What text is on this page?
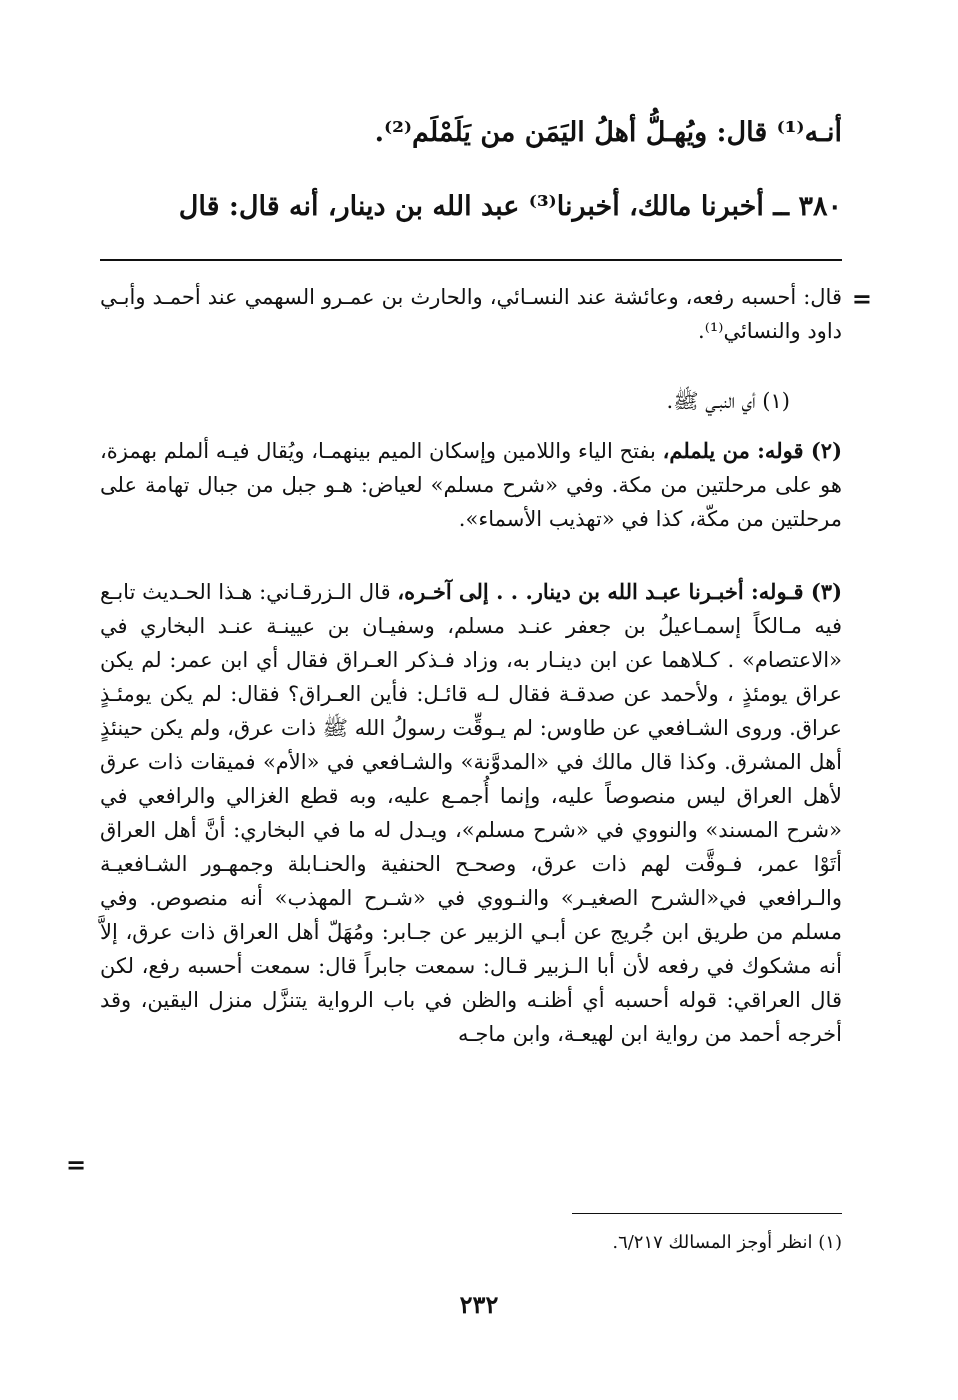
أنـه⁽¹⁾ قال: ويُهـلُّ أهلُ اليَمَن من يَلَمْلَم⁽²⁾.
٣٨٠ ــ أخبرنا مالك، أخبرنا⁽³⁾ عبد الله بن دينار، أنه قال: قال
=
قال: أحسبه رفعه، وعائشة عند النسـائي، والحارث بن عمـرو السهمي عند أحمـد وأبـي داود والنسائي⁽¹⁾.
(١) أي النبـي ﷺ.
(٢) قوله: من يلملم، بفتح الياء واللامين وإسكان الميم بينهمـا، ويُقال فيـه ألملم بهمزة، هو على مرحلتين من مكة. وفي «شرح مسلم» لعياض: هـو جبل من جبال تهامة على مرحلتين من مكّة، كذا في «تهذيب الأسماء».
(٣) قـوله: أخبـرنا عبـد الله بن دينار. . . إلى آخـره، قال الـزرقـاني: هـذا الحـديث تابـع فيه مـالكاً إسمـاعيلُ بن جعفر عنـد مسلم، وسفيـان بن عيينـة عنـد البخاري في «الاعتصام» . كـلاهما عن ابن دينـار به، وزاد فـذكر العـراق فقال أي ابن عمر: لم يكن عراق يومئذٍ ، ولأحمد عن صدقـة فقال لـه قائـل: فأين العـراق؟ فقال: لم يكن يومئـذٍ عراق. وروى الشـافعي عن طاوس: لم يـوقِّت رسولُ الله ﷺ ذات عرق، ولم يكن حينئذٍ أهل المشرق. وكذا قال مالك في «المدوَّنة» والشـافعي في «الأم» فميقات ذات عرق لأهل العراق ليس منصوصاً عليه، وإنما أُجمـع عليه، وبه قطع الغزالي والرافعي في «شرح المسند» والنووي في «شرح مسلم»، ويـدل له ما في البخاري: أنَّ أهل العراق أتَوْا عمر، فـوقَّت لهم ذات عرق، وصحـح الحنفية والحنـابلة وجمهـور الشـافعيـة والـرافعي في«الشرح الصغيـر» والنـووي في «شـرح المهذب» أنه منصوص. وفي مسلم من طريق ابن جُريج عن أبـي الزبير عن جـابر: ومُهَلّ أهل العراق ذات عرق، إلاَّ أنه مشكوك في رفعه لأن أبا الـزبير قـال: سمعت جابراً قال: سمعت أحسبه رفع، لكن قال العراقي: قوله أحسبه أي أظنـه والظن في باب الرواية يتنزَّل منزل اليقين، وقد أخرجه أحمد من رواية ابن لهيعـة، وابن ماجـه
=
(١) انظر أوجز المسالك ٦/٢١٧.
٢٣٢
